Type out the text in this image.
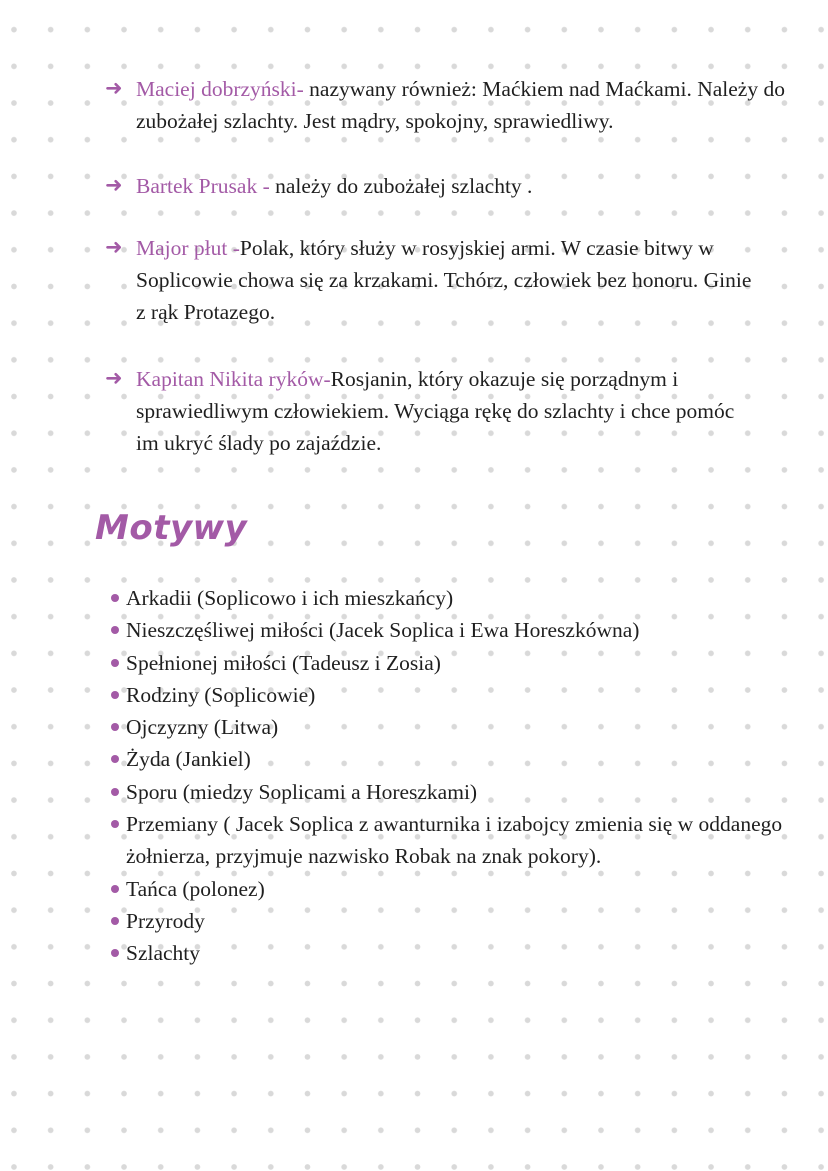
➜ Maciej dobrzyński- nazywany również: Maćkiem nad Maćkami. Należy do zubożałej szlachty. Jest mądry, spokojny, sprawiedliwy.
➜ Bartek Prusak - należy do zubożałej szlachty .
➜ Major płut -Polak, który służy w rosyjskiej armi. W czasie bitwy w Soplicowie chowa się za krzakami. Tchórz, człowiek bez honoru. Ginie z rąk Protazego.
➜ Kapitan Nikita ryków-Rosjanin, który okazuje się porządnym i sprawiedliwym człowiekiem. Wyciąga rękę do szlachty i chce pomóc im ukryć ślady po zajaździe.
Motywy
Arkadii (Soplicowo i ich mieszkańcy)
Nieszczęśliwej miłości (Jacek Soplica i Ewa Horeszkówna)
Spełnionej miłości (Tadeusz i Zosia)
Rodziny (Soplicowie)
Ojczyzny (Litwa)
Żyda (Jankiel)
Sporu (miedzy Soplicami a Horeszkami)
Przemiany ( Jacek Soplica z awanturnika i izabojcy zmienia się w oddanego żołnierza, przyjmuje nazwisko Robak na znak pokory).
Tańca (polonez)
Przyrody
Szlachty
